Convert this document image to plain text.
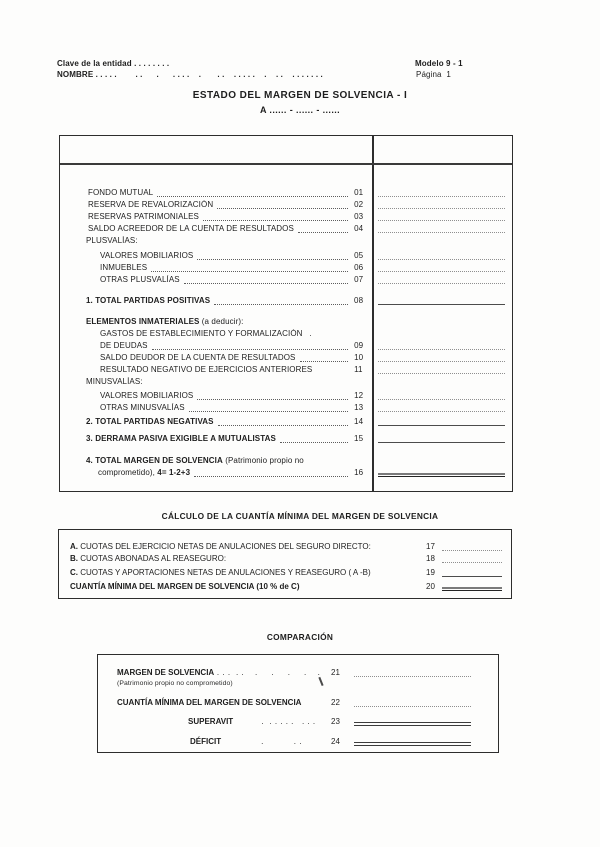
Clave de la entidad . . . . . . . .
NOMBRE . . . . .        . .      .      . . . .    .       . .    . . . . .    .    . .    . . . . . . .
Modelo 9 - 1
Página  1
ESTADO DEL MARGEN DE SOLVENCIA - I
A ...... - ...... - ......
FONDO MUTUAL	01
RESERVA DE REVALORIZACIÓN	02
RESERVAS PATRIMONIALES	03
SALDO ACREEDOR DE LA CUENTA DE RESULTADOS	04
PLUSVALÍAS:
VALORES MOBILIARIOS	05
INMUEBLES	06
OTRAS PLUSVALÍAS	07
1. TOTAL PARTIDAS POSITIVAS	08
ELEMENTOS INMATERIALES (a deducir):
GASTOS DE ESTABLECIMIENTO Y FORMALIZACIÓN   .
DE DEUDAS	09
SALDO DEUDOR DE LA CUENTA DE RESULTADOS	10
RESULTADO NEGATIVO DE EJERCICIOS ANTERIORES	11
MINUSVALÍAS:
VALORES MOBILIARIOS	12
OTRAS MINUSVALÍAS	13
2. TOTAL PARTIDAS NEGATIVAS	14
3. DERRAMA PASIVA EXIGIBLE A MUTUALISTAS	15
4. TOTAL MARGEN DE SOLVENCIA (Patrimonio propio no
comprometido), 4= 1-2+3	16
CÁLCULO DE LA CUANTÍA MÍNIMA DEL MARGEN DE SOLVENCIA
A. CUOTAS DEL EJERCICIO NETAS DE ANULACIONES DEL SEGURO DIRECTO:	17
B. CUOTAS ABONADAS AL REASEGURO:	18
C. CUOTAS Y APORTACIONES NETAS DE ANULACIONES Y REASEGURO ( A -B)	19
CUANTÍA MÍNIMA DEL MARGEN DE SOLVENCIA (10 % de C)	20
COMPARACIÓN
MARGEN DE SOLVENCIA . . .  . .    .     .     .     .    . 21
(Patrimonio propio no comprometido)
CUANTÍA MÍNIMA DEL MARGEN DE SOLVENCIA	22
SUPERAVIT	.  . . . . .   . . . 23
DÉFICIT	.           . .	24
